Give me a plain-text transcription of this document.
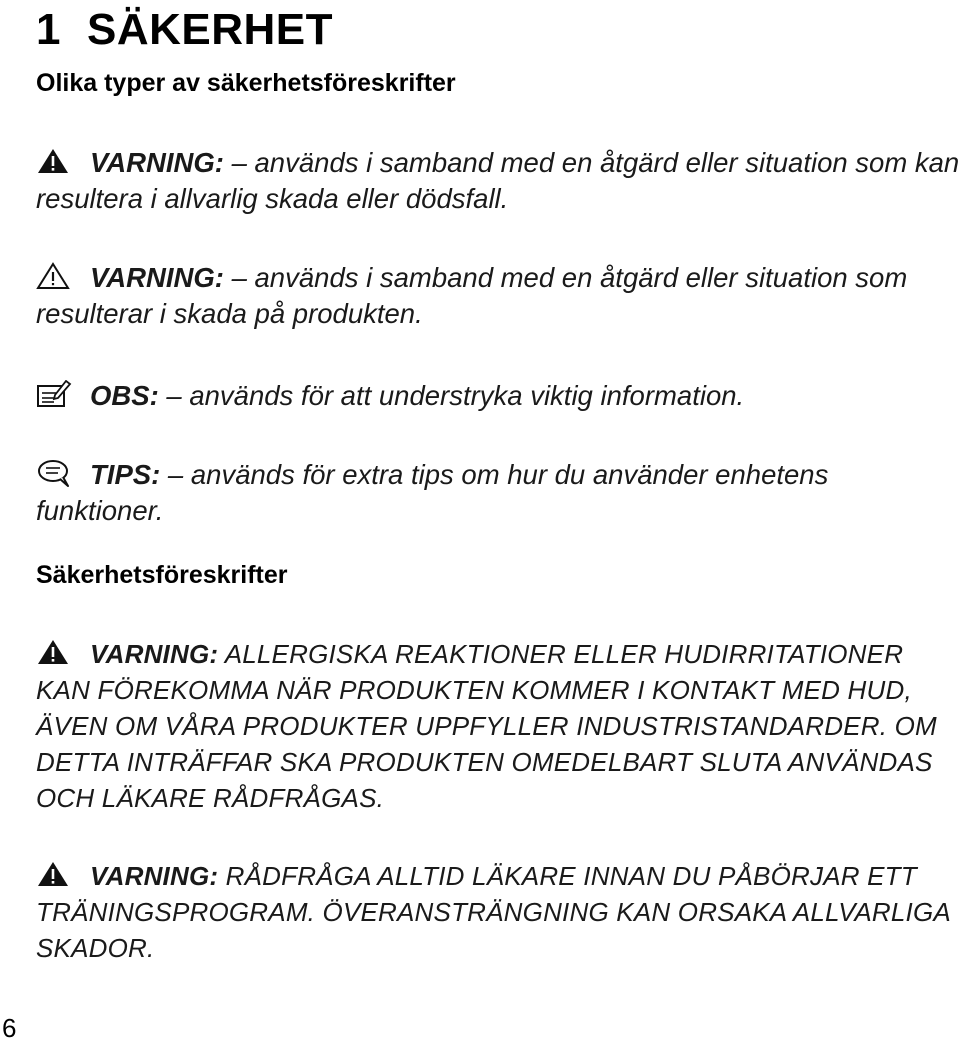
1 SÄKERHET
Olika typer av säkerhetsföreskrifter

VARNING: – används i samband med en åtgärd eller situation som kan resultera i allvarlig skada eller dödsfall.

VARNING: – används i samband med en åtgärd eller situation som resulterar i skada på produkten.

OBS: – används för att understryka viktig information.

TIPS: – används för extra tips om hur du använder enhetens funktioner.

Säkerhetsföreskrifter

VARNING: ALLERGISKA REAKTIONER ELLER HUDIRRITATIONER KAN FÖREKOMMA NÄR PRODUKTEN KOMMER I KONTAKT MED HUD, ÄVEN OM VÅRA PRODUKTER UPPFYLLER INDUSTRISTANDARDER. OM DETTA INTRÄFFAR SKA PRODUKTEN OMEDELBART SLUTA ANVÄNDAS OCH LÄKARE RÅDFRÅGAS.

VARNING: RÅDFRÅGA ALLTID LÄKARE INNAN DU PÅBÖRJAR ETT TRÄNINGSPROGRAM. ÖVERANSTRÄNGNING KAN ORSAKA ALLVARLIGA SKADOR.

6
